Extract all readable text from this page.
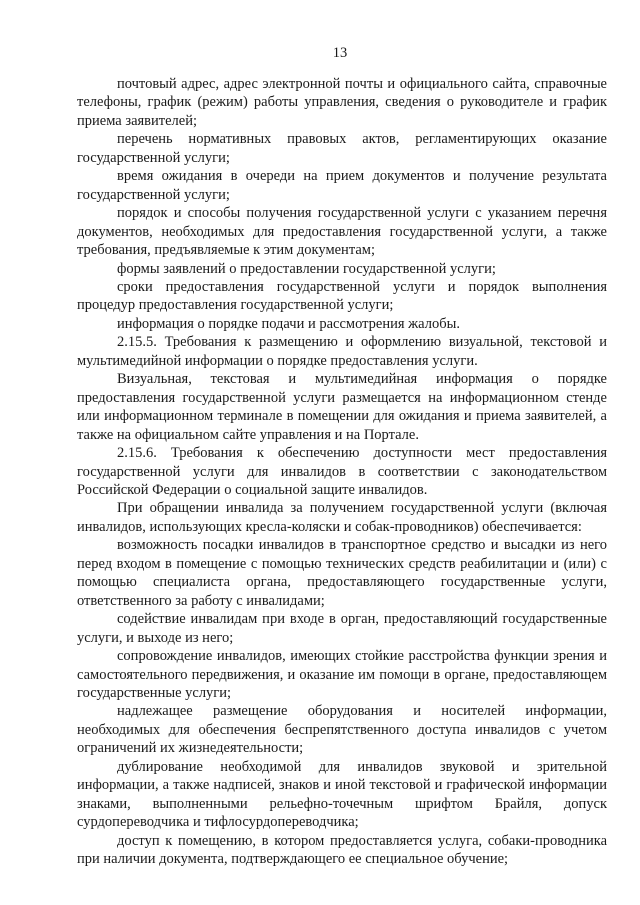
13

почтовый адрес, адрес электронной почты и официального сайта, справочные телефоны, график (режим) работы управления, сведения о руководителе и график приема заявителей;

перечень нормативных правовых актов, регламентирующих оказание государственной услуги;

время ожидания в очереди на прием документов и получение результата государственной услуги;

порядок и способы получения государственной услуги с указанием перечня документов, необходимых для предоставления государственной услуги, а также требования, предъявляемые к этим документам;

формы заявлений о предоставлении государственной услуги;

сроки предоставления государственной услуги и порядок выполнения процедур предоставления государственной услуги;

информация о порядке подачи и рассмотрения жалобы.

2.15.5. Требования к размещению и оформлению визуальной, текстовой и мультимедийной информации о порядке предоставления услуги.

Визуальная, текстовая и мультимедийная информация о порядке предоставления государственной услуги размещается на информационном стенде или информационном терминале в помещении для ожидания и приема заявителей, а также на официальном сайте управления и на Портале.

2.15.6. Требования к обеспечению доступности мест предоставления государственной услуги для инвалидов в соответствии с законодательством Российской Федерации о социальной защите инвалидов.

При обращении инвалида за получением государственной услуги (включая инвалидов, использующих кресла-коляски и собак-проводников) обеспечивается:

возможность посадки инвалидов в транспортное средство и высадки из него перед входом в помещение с помощью технических средств реабилитации и (или) с помощью специалиста органа, предоставляющего государственные услуги, ответственного за работу с инвалидами;

содействие инвалидам при входе в орган, предоставляющий государственные услуги, и выходе из него;

сопровождение инвалидов, имеющих стойкие расстройства функции зрения и самостоятельного передвижения, и оказание им помощи в органе, предоставляющем государственные услуги;

надлежащее размещение оборудования и носителей информации, необходимых для обеспечения беспрепятственного доступа инвалидов с учетом ограничений их жизнедеятельности;

дублирование необходимой для инвалидов звуковой и зрительной информации, а также надписей, знаков и иной текстовой и графической информации знаками, выполненными рельефно-точечным шрифтом Брайля, допуск сурдопереводчика и тифлосурдопереводчика;

доступ к помещению, в котором предоставляется услуга, собаки-проводника при наличии документа, подтверждающего ее специальное обучение;
